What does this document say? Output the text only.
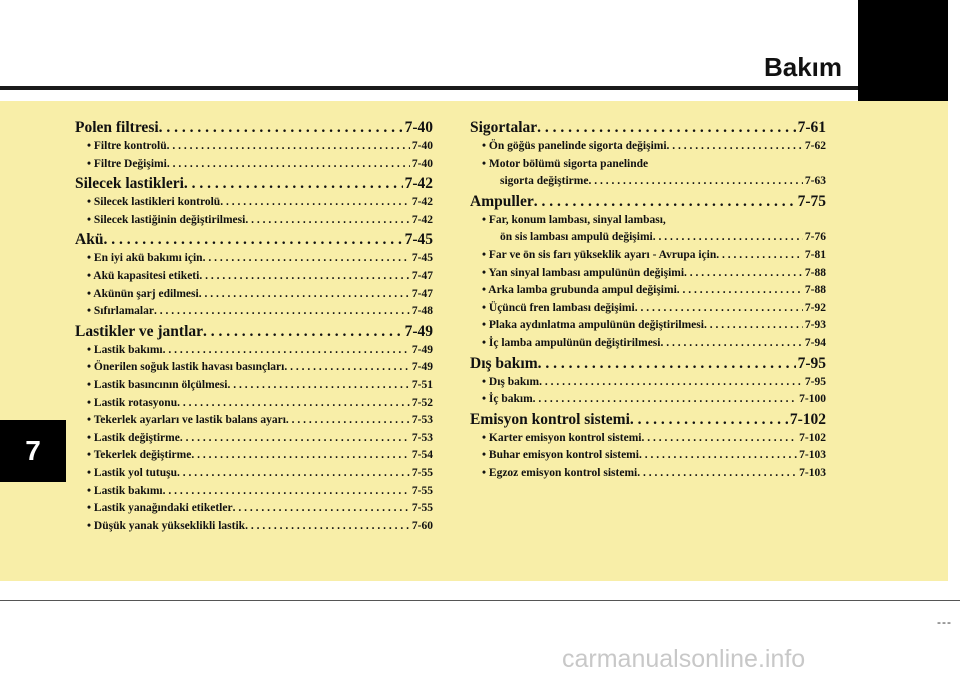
Bakım
7
Polen filtresi . . .	7-40
• Filtre kontrolü . . .	7-40
• Filtre Değişimi . . .	7-40
Silecek lastikleri . . .	7-42
• Silecek lastikleri kontrolü . . .	7-42
• Silecek lastiğinin değiştirilmesi . . .	7-42
Akü . . .	7-45
• En iyi akü bakımı için . . .	7-45
• Akü kapasitesi etiketi . . .	7-47
• Akünün şarj edilmesi . . .	7-47
• Sıfırlamalar . . .	7-48
Lastikler ve jantlar . . .	7-49
• Lastik bakımı . . .	7-49
• Önerilen soğuk lastik havası basınçları . . .	7-49
• Lastik basıncının ölçülmesi . . .	7-51
• Lastik rotasyonu . . .	7-52
• Tekerlek ayarları ve lastik balans ayarı . . .	7-53
• Lastik değiştirme . . .	7-53
• Tekerlek değiştirme . . .	7-54
• Lastik yol tutuşu . . .	7-55
• Lastik bakımı . . .	7-55
• Lastik yanağındaki etiketler . . .	7-55
• Düşük yanak yükseklikli lastik . . .	7-60
Sigortalar . . .	7-61
• Ön göğüs panelinde sigorta değişimi . . .	7-62
• Motor bölümü sigorta panelinde
sigorta değiştirme . . .	7-63
Ampuller . . .	7-75
• Far, konum lambası, sinyal lambası,
ön sis lambası ampulü değişimi . . .	7-76
• Far ve ön sis farı yükseklik ayarı - Avrupa için . . .	7-81
• Yan sinyal lambası ampulünün değişimi . . .	7-88
• Arka lamba grubunda ampul değişimi . . .	7-88
• Üçüncü fren lambası değişimi . . .	7-92
• Plaka aydınlatma ampulünün değiştirilmesi . . .	7-93
• İç lamba ampulünün değiştirilmesi . . .	7-94
Dış bakım . . .	7-95
• Dış bakım . . .	7-95
• İç bakım . . .	7-100
Emisyon kontrol sistemi . . .	7-102
• Karter emisyon kontrol sistemi . . .	7-102
• Buhar emisyon kontrol sistemi . . .	7-103
• Egzoz emisyon kontrol sistemi . . .	7-103
---
carmanualsonline.info
